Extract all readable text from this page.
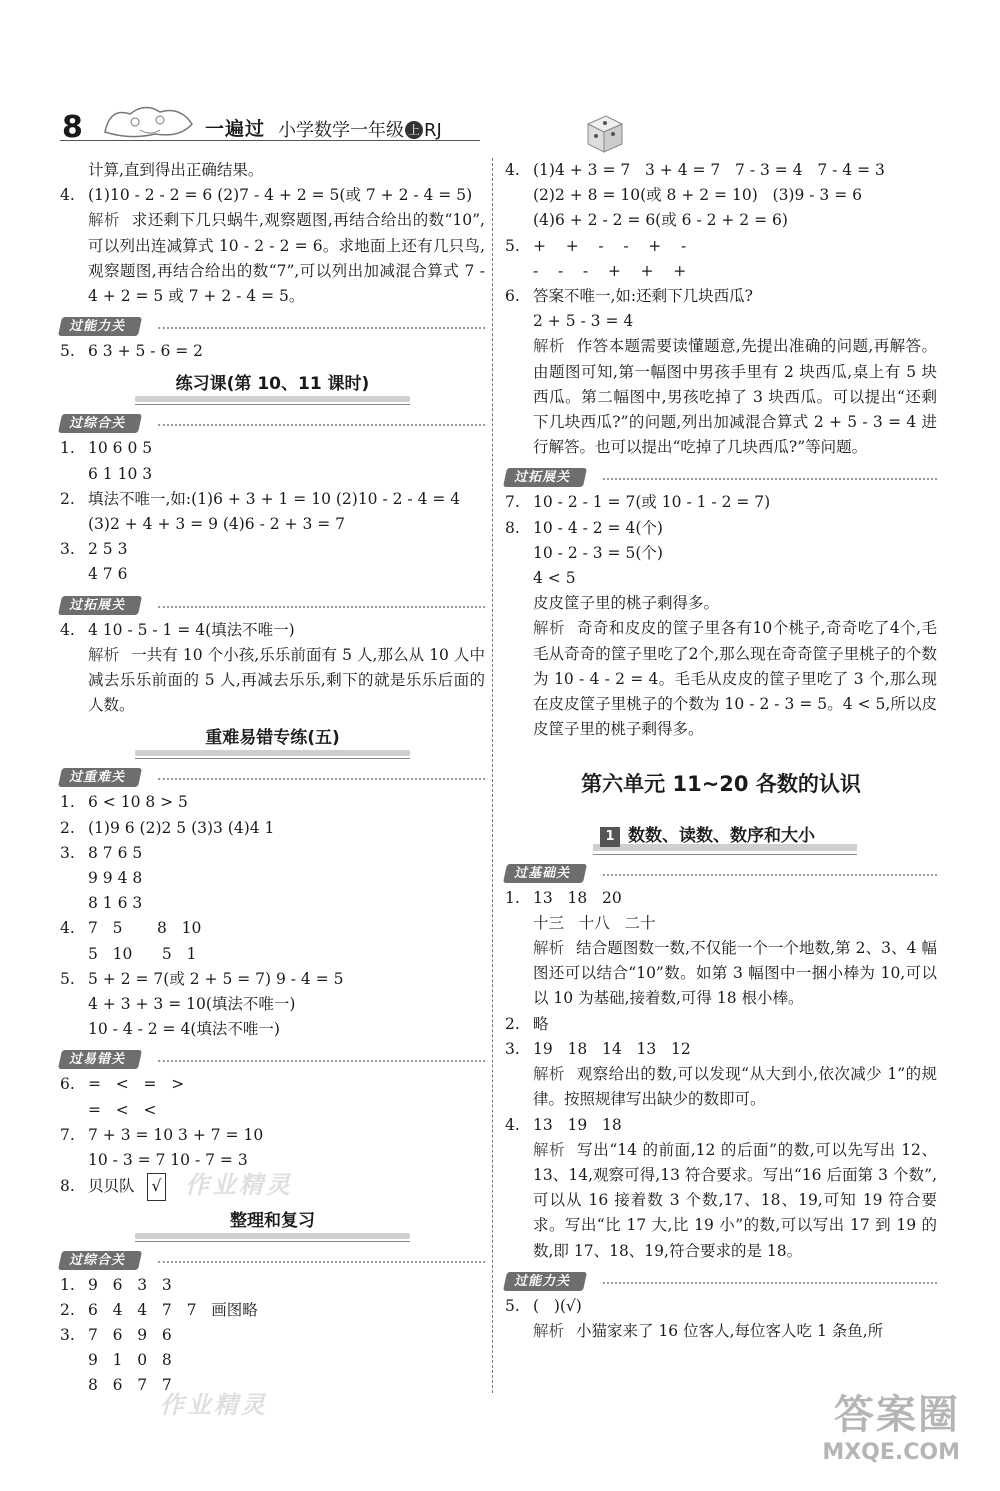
8	一遍过 小学数学一年级 上 RJ
计算,直到得出正确结果。
4. (1)10 - 2 - 2 = 6 (2)7 - 4 + 2 = 5(或 7 + 2 - 4 = 5)
解析 求还剩下几只蜗牛,观察题图,再结合给出的数“10”,可以列出连减算式 10 - 2 - 2 = 6。求地面上还有几只鸟,观察题图,再结合给出的数“7”,可以列出加减混合算式 7 - 4 + 2 = 5 或 7 + 2 - 4 = 5。
过能力关
5. 6 3 + 5 - 6 = 2
练习课(第 10、11 课时)
过综合关
1. 10 6 0 5
6 1 10 3
2. 填法不唯一,如:(1)6 + 3 + 1 = 10 (2)10 - 2 - 4 = 4
(3)2 + 4 + 3 = 9 (4)6 - 2 + 3 = 7
3. 2 5 3
4 7 6
过拓展关
4. 4 10 - 5 - 1 = 4(填法不唯一)
解析 一共有 10 个小孩,乐乐前面有 5 人,那么从 10 人中减去乐乐前面的 5 人,再减去乐乐,剩下的就是乐乐后面的人数。
重难易错专练(五)
过重难关
1. 6 < 10 8 > 5
2. (1)9 6 (2)2 5 (3)3 (4)4 1
3. 8 7 6 5
9 9 4 8
8 1 6 3
4. 7   5       8   10
5   10      5   1
5. 5 + 2 = 7(或 2 + 5 = 7) 9 - 4 = 5
4 + 3 + 3 = 10(填法不唯一)
10 - 4 - 2 = 4(填法不唯一)
过易错关
6. =   <   =   >
=   <   <
7. 7 + 3 = 10 3 + 7 = 10
10 - 3 = 7 10 - 7 = 3
8. 贝贝队 √
整理和复习
过综合关
1. 9   6   3   3
2. 6   4   4   7   7   画图略
3. 7   6   9   6
9   1   0   8
8   6   7   7
4. (1)4 + 3 = 7   3 + 4 = 7   7 - 3 = 4   7 - 4 = 3
(2)2 + 8 = 10(或 8 + 2 = 10)   (3)9 - 3 = 6
(4)6 + 2 - 2 = 6(或 6 - 2 + 2 = 6)
5. +    +    -    -    +    -
-    -    -    +    +    +
6. 答案不唯一,如:还剩下几块西瓜?
2 + 5 - 3 = 4
解析 作答本题需要读懂题意,先提出准确的问题,再解答。由题图可知,第一幅图中男孩手里有 2 块西瓜,桌上有 5 块西瓜。第二幅图中,男孩吃掉了 3 块西瓜。可以提出“还剩下几块西瓜?”的问题,列出加减混合算式 2 + 5 - 3 = 4 进行解答。也可以提出“吃掉了几块西瓜?”等问题。
过拓展关
7. 10 - 2 - 1 = 7(或 10 - 1 - 2 = 7)
8. 10 - 4 - 2 = 4(个)
10 - 2 - 3 = 5(个)
4 < 5
皮皮筐子里的桃子剩得多。
解析 奇奇和皮皮的筐子里各有10个桃子,奇奇吃了4个,毛毛从奇奇的筐子里吃了2个,那么现在奇奇筐子里桃子的个数为 10 - 4 - 2 = 4。毛毛从皮皮的筐子里吃了 3 个,那么现在皮皮筐子里桃子的个数为 10 - 2 - 3 = 5。4 < 5,所以皮皮筐子里的桃子剩得多。
第六单元 11~20 各数的认识
1 数数、读数、数序和大小
过基础关
1. 13   18   20
十三   十八   二十
解析 结合题图数一数,不仅能一个一个地数,第 2、3、4 幅图还可以结合“10”数。如第 3 幅图中一捆小棒为 10,可以以 10 为基础,接着数,可得 18 根小棒。
2. 略
3. 19   18   14   13   12
解析 观察给出的数,可以发现“从大到小,依次减少 1”的规律。按照规律写出缺少的数即可。
4. 13   19   18
解析 写出“14 的前面,12 的后面”的数,可以先写出 12、13、14,观察可得,13 符合要求。写出“16 后面第 3 个数”,可以从 16 接着数 3 个数,17、18、19,可知 19 符合要求。写出“比 17 大,比 19 小”的数,可以写出 17 到 19 的数,即 17、18、19,符合要求的是 18。
过能力关
5. (   )(√)
解析 小猫家来了 16 位客人,每位客人吃 1 条鱼,所
作业精灵
作业精灵	答案圈
MXQE.COM
